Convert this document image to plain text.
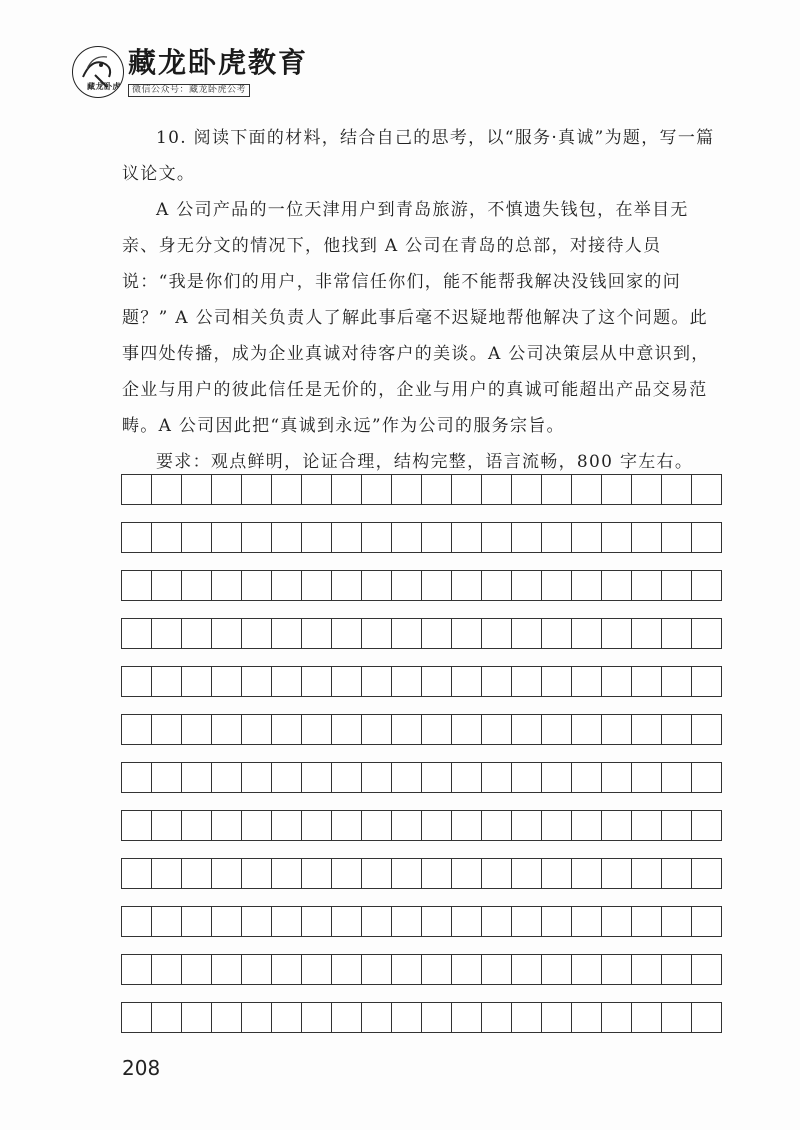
藏龙卧虎
藏龙卧虎教育
微信公众号：藏龙卧虎公考

10. 阅读下面的材料，结合自己的思考，以“服务·真诚”为题，写一篇议论文。

A 公司产品的一位天津用户到青岛旅游，不慎遗失钱包，在举目无亲、身无分文的情况下，他找到 A 公司在青岛的总部，对接待人员说：“我是你们的用户，非常信任你们，能不能帮我解决没钱回家的问题？” A 公司相关负责人了解此事后毫不迟疑地帮他解决了这个问题。此事四处传播，成为企业真诚对待客户的美谈。A 公司决策层从中意识到，企业与用户的彼此信任是无价的，企业与用户的真诚可能超出产品交易范畴。A 公司因此把“真诚到永远”作为公司的服务宗旨。

要求：观点鲜明，论证合理，结构完整，语言流畅，800 字左右。

208
